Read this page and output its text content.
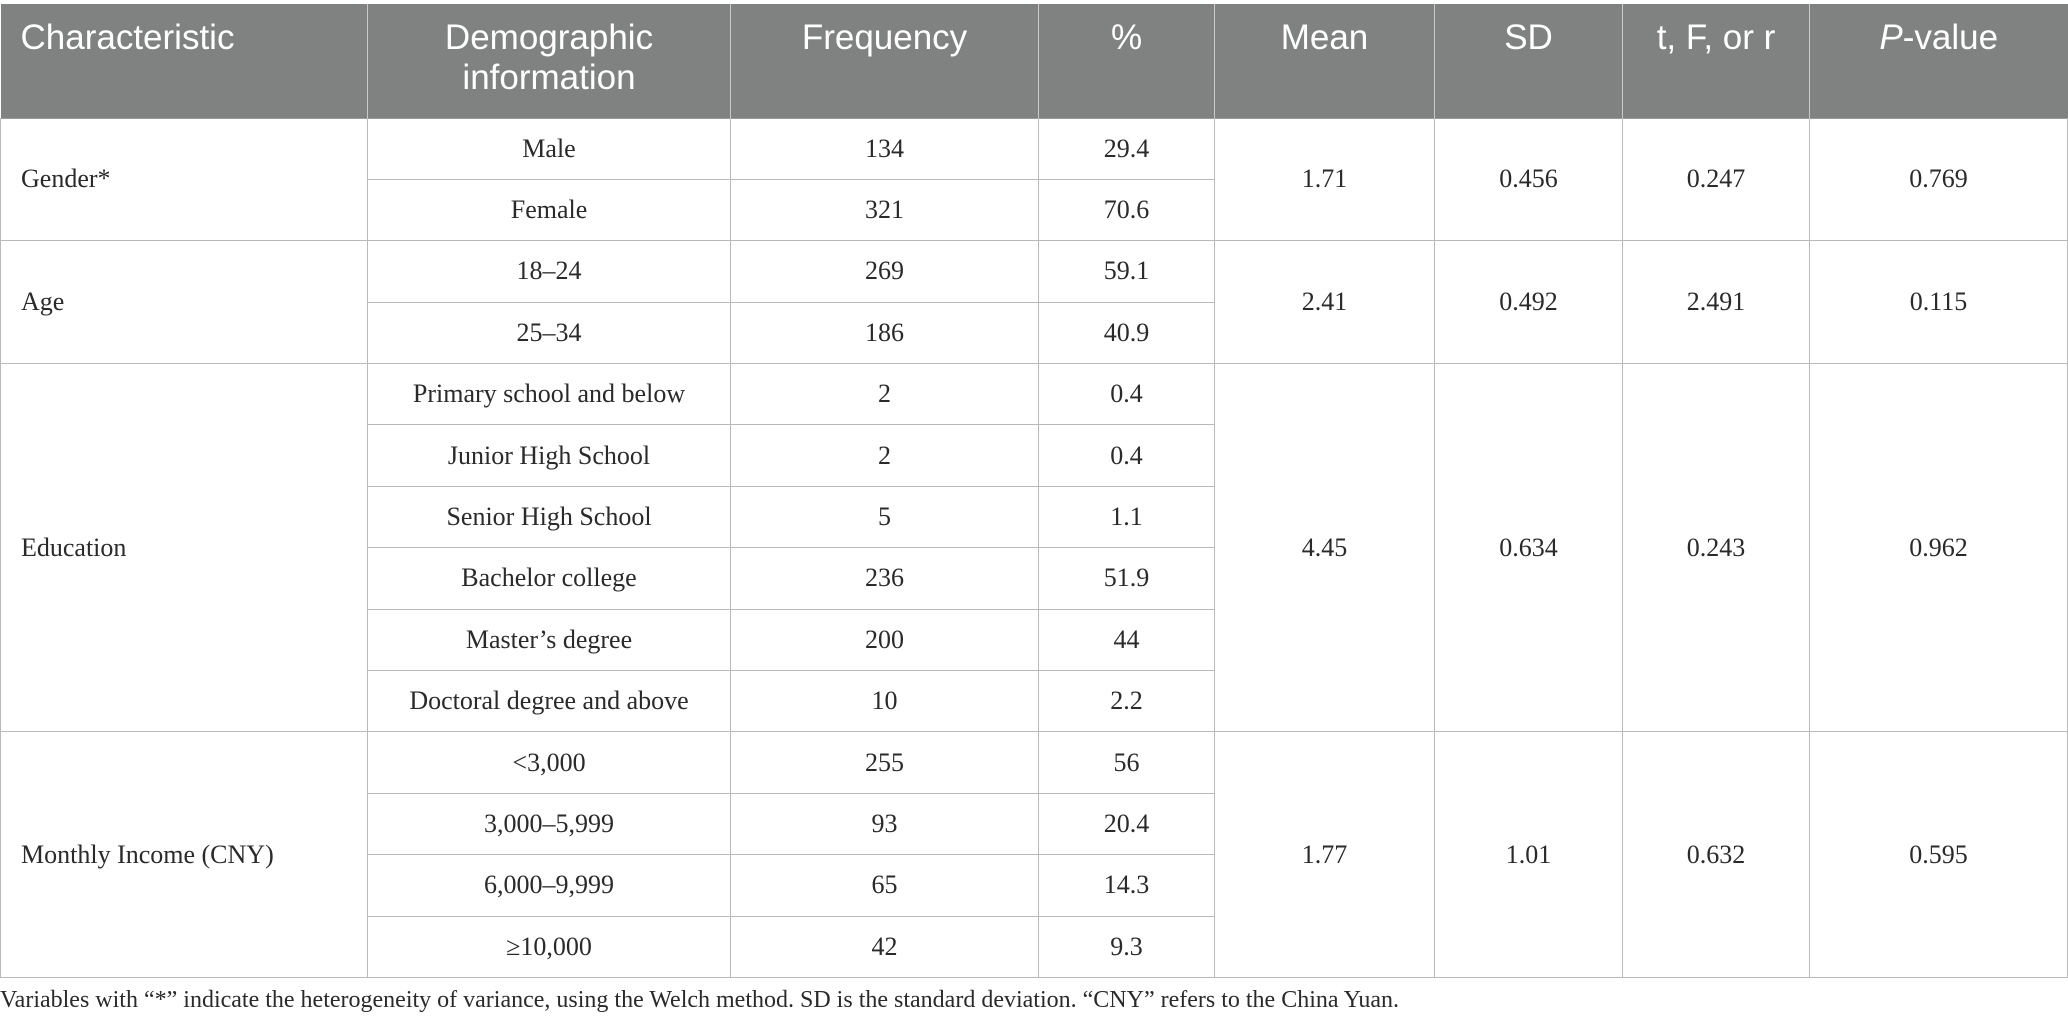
Characteristic	Demographic information	Frequency	%	Mean	SD	t, F, or r	P-value
Gender*	Male	134	29.4	1.71	0.456	0.247	0.769
	Female	321	70.6				
Age	18–24	269	59.1	2.41	0.492	2.491	0.115
	25–34	186	40.9				
Education	Primary school and below	2	0.4	4.45	0.634	0.243	0.962
	Junior High School	2	0.4				
	Senior High School	5	1.1				
	Bachelor college	236	51.9				
	Master’s degree	200	44				
	Doctoral degree and above	10	2.2				
Monthly Income (CNY)	<3,000	255	56	1.77	1.01	0.632	0.595
	3,000–5,999	93	20.4				
	6,000–9,999	65	14.3				
	≥10,000	42	9.3				
Variables with “*” indicate the heterogeneity of variance, using the Welch method. SD is the standard deviation. “CNY” refers to the China Yuan.
